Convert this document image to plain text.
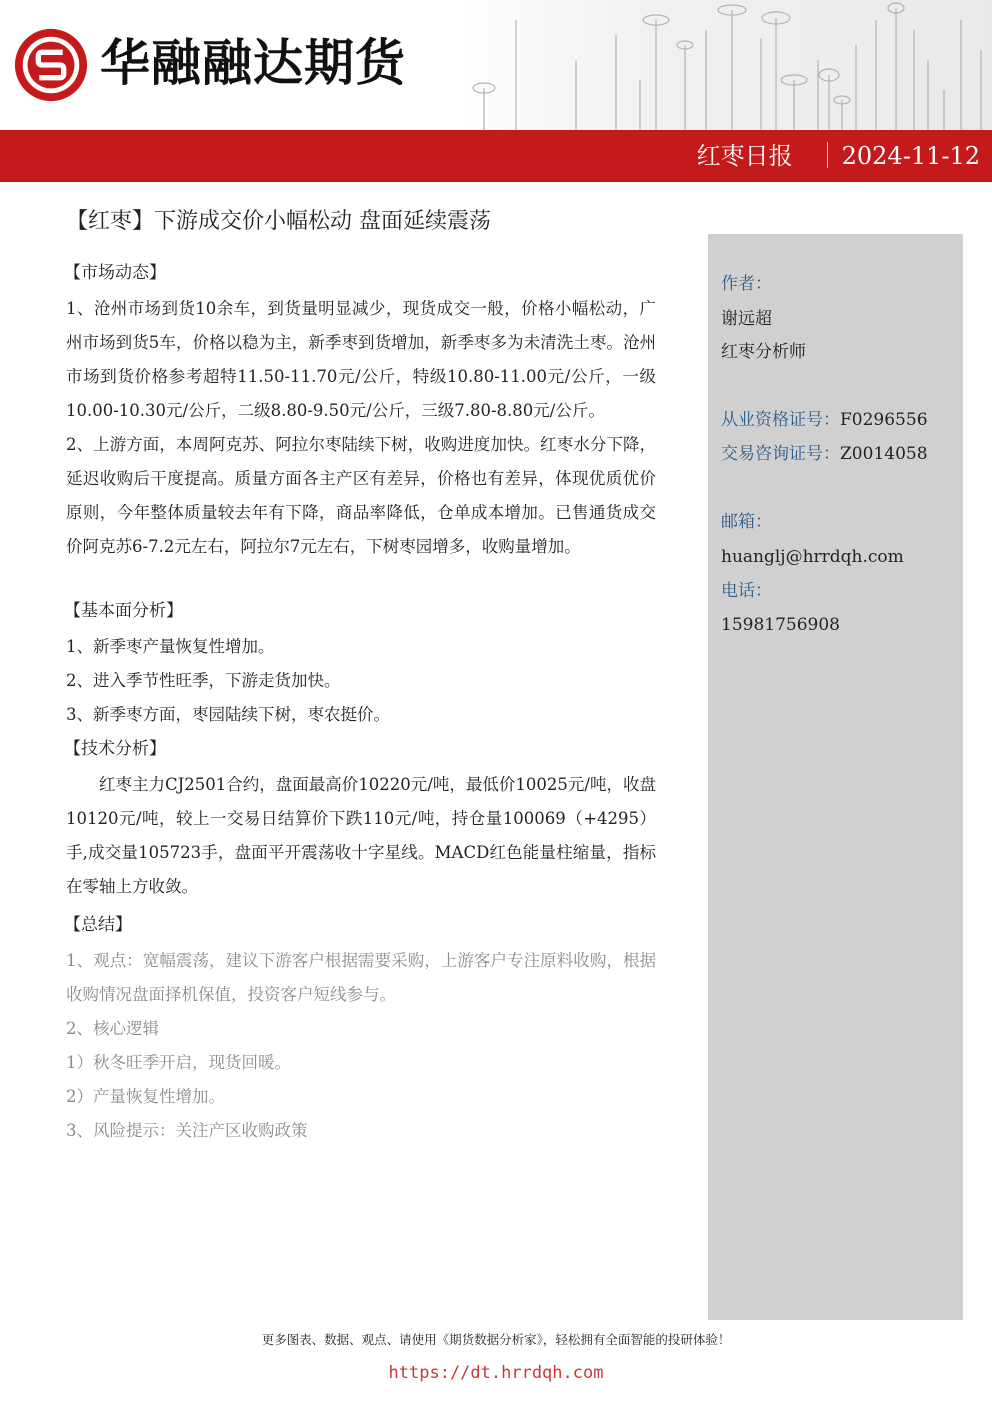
华融融达期货
红枣日报 2024-11-12
【红枣】下游成交价小幅松动 盘面延续震荡
【市场动态】

1、沧州市场到货10余车，到货量明显减少，现货成交一般，价格小幅松动，广州市场到货5车，价格以稳为主，新季枣到货增加，新季枣多为未清洗土枣。沧州市场到货价格参考超特11.50-11.70元/公斤，特级10.80-11.00元/公斤，一级10.00-10.30元/公斤，二级8.80-9.50元/公斤，三级7.80-8.80元/公斤。

2、上游方面，本周阿克苏、阿拉尔枣陆续下树，收购进度加快。红枣水分下降，延迟收购后干度提高。质量方面各主产区有差异，价格也有差异，体现优质优价原则，今年整体质量较去年有下降，商品率降低，仓单成本增加。已售通货成交价阿克苏6-7.2元左右，阿拉尔7元左右，下树枣园增多，收购量增加。

【基本面分析】

1、新季枣产量恢复性增加。

2、进入季节性旺季，下游走货加快。

3、新季枣方面，枣园陆续下树，枣农挺价。

【技术分析】

红枣主力CJ2501合约，盘面最高价10220元/吨，最低价10025元/吨，收盘10120元/吨，较上一交易日结算价下跌110元/吨，持仓量100069（+4295）手,成交量105723手，盘面平开震荡收十字星线。MACD红色能量柱缩量，指标在零轴上方收敛。

【总结】

1、观点：宽幅震荡，建议下游客户根据需要采购，上游客户专注原料收购，根据收购情况盘面择机保值，投资客户短线参与。

2、核心逻辑

1）秋冬旺季开启，现货回暖。

2）产量恢复性增加。

3、风险提示：关注产区收购政策

作者：
谢远超
红枣分析师
从业资格证号：F0296556
交易咨询证号：Z0014058
邮箱：
huanglj@hrrdqh.com
电话：
15981756908
更多图表、数据、观点、请使用《期货数据分析家》，轻松拥有全面智能的投研体验！
https://dt.hrrdqh.com
